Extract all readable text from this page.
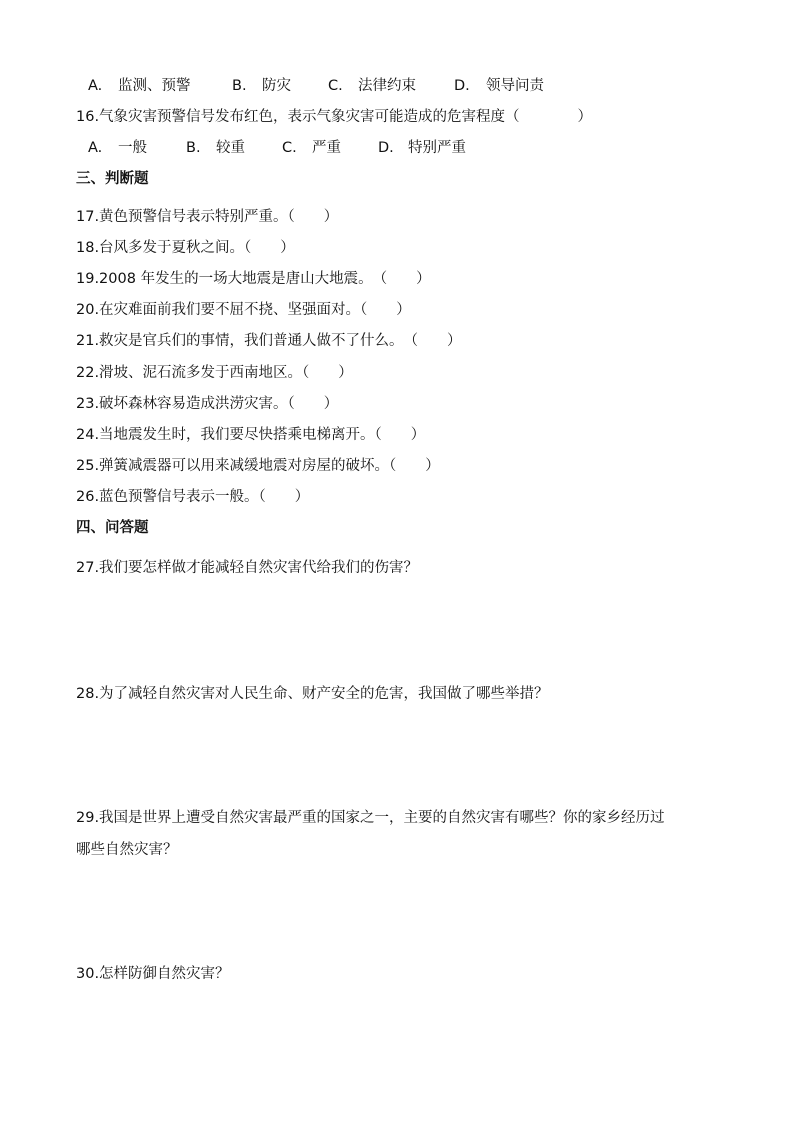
A. 监测、预警	B. 防灾	C. 法律约束	D. 领导问责
16.气象灾害预警信号发布红色，表示气象灾害可能造成的危害程度（　　　　）
A. 一般	B. 较重	C. 严重	D. 特别严重
三、判断题
17.黄色预警信号表示特别严重。（　　）
18.台风多发于夏秋之间。（　　）
19.2008 年发生的一场大地震是唐山大地震。　（　　）
20.在灾难面前我们要不屈不挠、坚强面对。（　　）
21.救灾是官兵们的事情，我们普通人做不了什么。　（　　）
22.滑坡、泥石流多发于西南地区。（　　）
23.破坏森林容易造成洪涝灾害。（　　）
24.当地震发生时，我们要尽快搭乘电梯离开。（　　）
25.弹簧减震器可以用来减缓地震对房屋的破坏。（　　）
26.蓝色预警信号表示一般。（　　）
四、问答题
27.我们要怎样做才能减轻自然灾害代给我们的伤害？
28.为了减轻自然灾害对人民生命、财产安全的危害，我国做了哪些举措？
29.我国是世界上遭受自然灾害最严重的国家之一，主要的自然灾害有哪些？你的家乡经历过
哪些自然灾害？
30.怎样防御自然灾害？
